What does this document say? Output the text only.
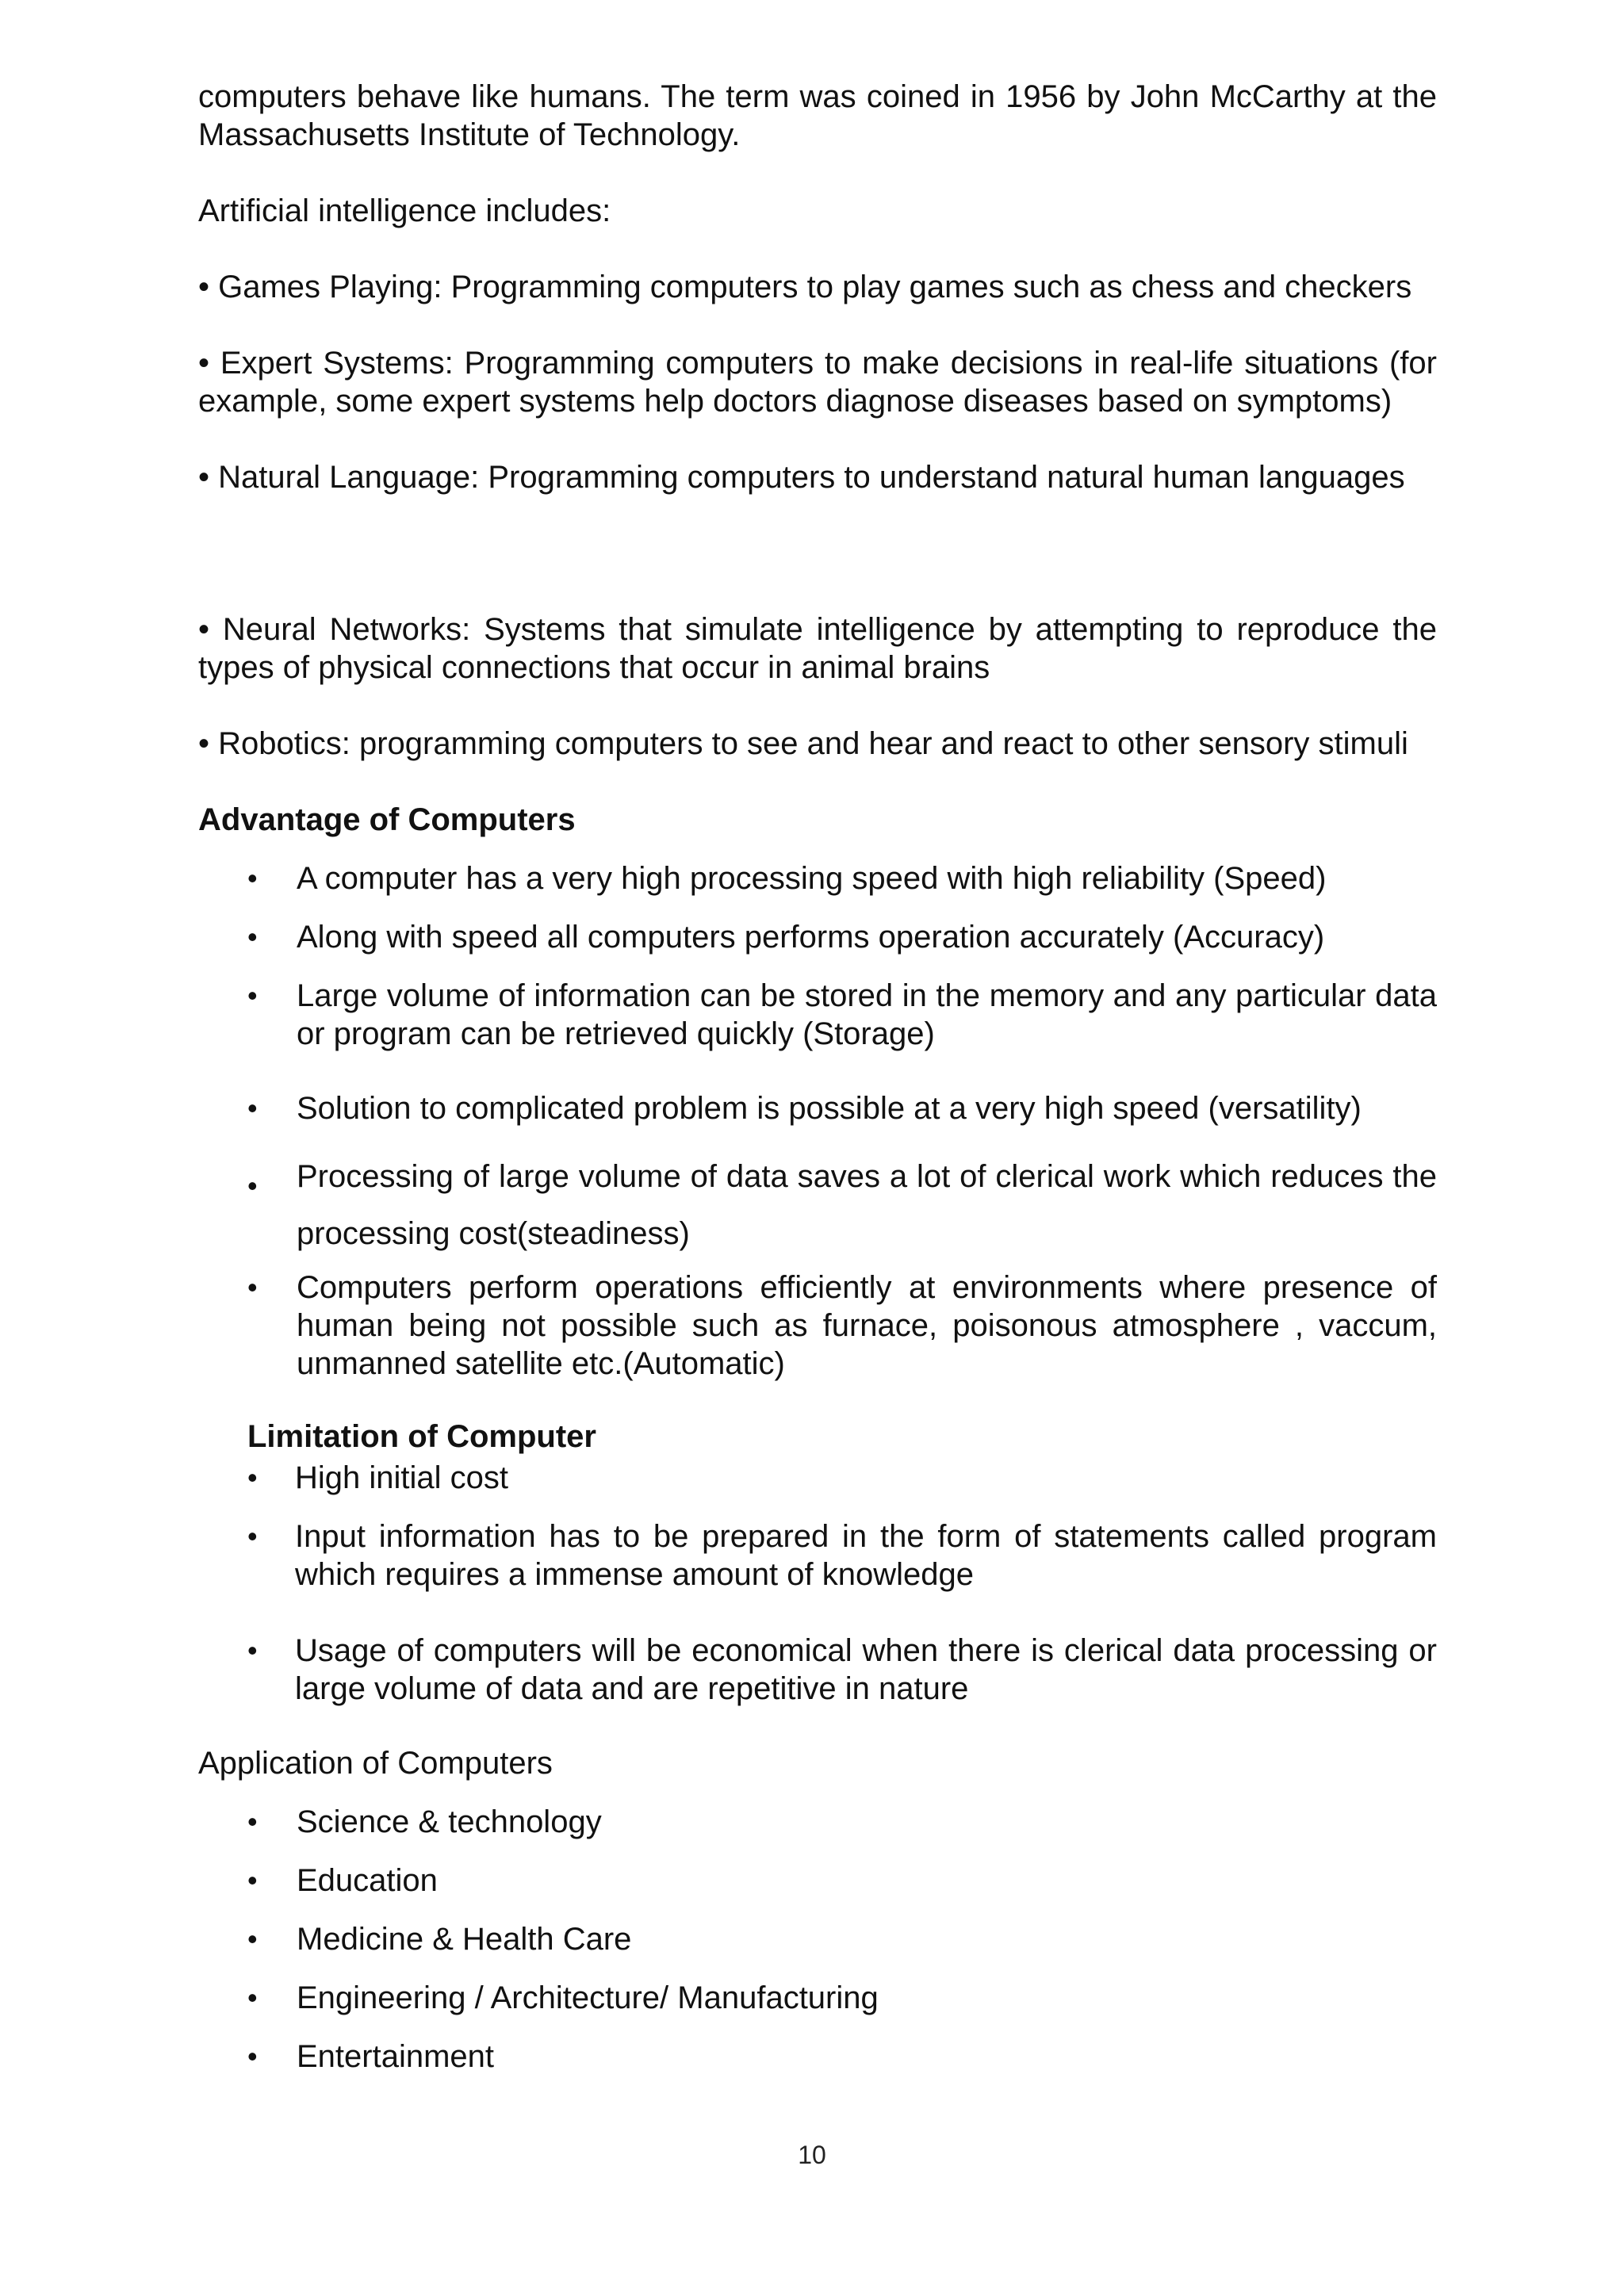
computers behave like humans. The term was coined in 1956 by John McCarthy at the Massachusetts Institute of Technology.

Artificial intelligence includes:

• Games Playing: Programming computers to play games such as chess and checkers

• Expert Systems: Programming computers to make decisions in real-life situations (for example, some expert systems help doctors diagnose diseases based on symptoms)

• Natural Language: Programming computers to understand natural human languages

• Neural Networks: Systems that simulate intelligence by attempting to reproduce the types of physical connections that occur in animal brains

• Robotics: programming computers to see and hear and react to other sensory stimuli

Advantage of Computers

• A computer has a very high processing speed with high reliability (Speed)
• Along with speed all computers performs operation accurately (Accuracy)
• Large volume of information can be stored in the memory and any particular data or program can be retrieved quickly (Storage)
• Solution to complicated problem is possible at a very high speed (versatility)
• Processing of large volume of data saves a lot of clerical work which reduces the processing cost(steadiness)
• Computers perform operations efficiently at environments where presence of human being not possible such as furnace, poisonous atmosphere , vaccum, unmanned satellite etc.(Automatic)

Limitation of Computer

• High initial cost
• Input information has to be prepared in the form of statements called program which requires a immense amount of knowledge
• Usage of computers will be economical when there is clerical data processing or large volume of data and are repetitive in nature

Application of Computers

• Science & technology
• Education
• Medicine & Health Care
• Engineering / Architecture/ Manufacturing
• Entertainment
10
